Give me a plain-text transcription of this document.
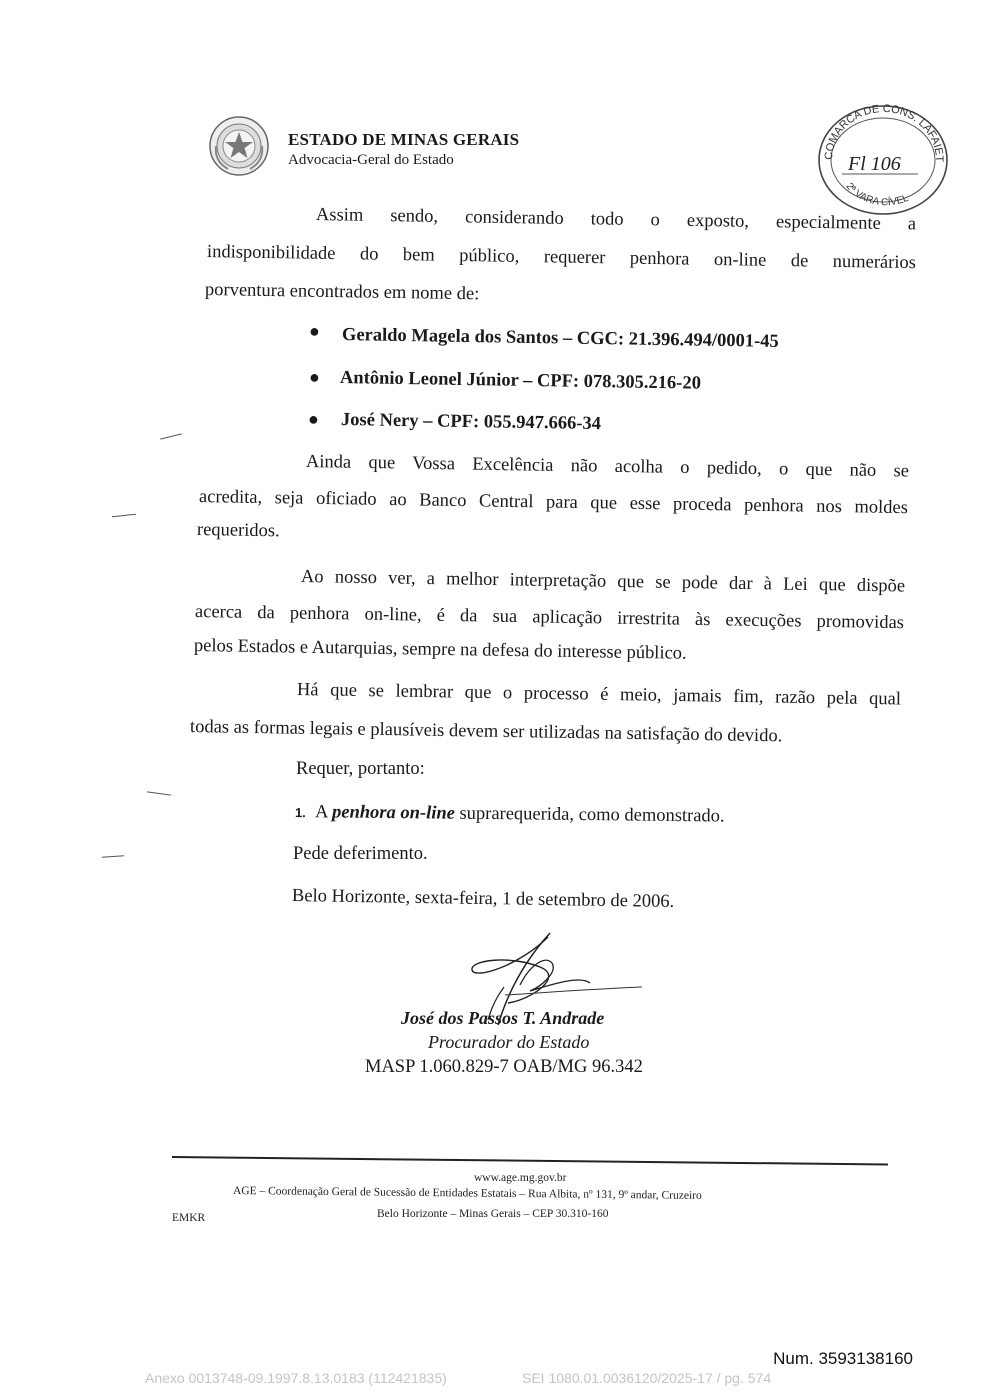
ESTADO DE MINAS GERAIS
Advocacia-Geral do Estado	COMARCA DE CONS. LAFAIET
2ª VARA CÍVEL
Fl 106
Assim sendo, considerando todo o exposto, especialmente a
indisponibilidade do bem público, requerer penhora on-line de numerários
porventura encontrados em nome de:
● Geraldo Magela dos Santos – CGC: 21.396.494/0001-45
● Antônio Leonel Júnior – CPF: 078.305.216-20
● José Nery – CPF: 055.947.666-34
Ainda que Vossa Excelência não acolha o pedido, o que não se
acredita, seja oficiado ao Banco Central para que esse proceda penhora nos moldes
requeridos.
Ao nosso ver, a melhor interpretação que se pode dar à Lei que dispõe
acerca da penhora on-line, é da sua aplicação irrestrita às execuções promovidas
pelos Estados e Autarquias, sempre na defesa do interesse público.
Há que se lembrar que o processo é meio, jamais fim, razão pela qual
todas as formas legais e plausíveis devem ser utilizadas na satisfação do devido.
Requer, portanto:
1. A penhora on-line suprarequerida, como demonstrado.
Pede deferimento.
Belo Horizonte, sexta-feira, 1 de setembro de 2006.
José dos Passos T. Andrade
Procurador do Estado
MASP 1.060.829-7 OAB/MG 96.342
www.age.mg.gov.br
AGE – Coordenação Geral de Sucessão de Entidades Estatais – Rua Albita, nº 131, 9º andar, Cruzeiro
Belo Horizonte – Minas Gerais – CEP 30.310-160
EMKR
Num. 3593138160
Anexo 0013748-09.1997.8.13.0183 (112421835)	SEI 1080.01.0036120/2025-17 / pg. 574
